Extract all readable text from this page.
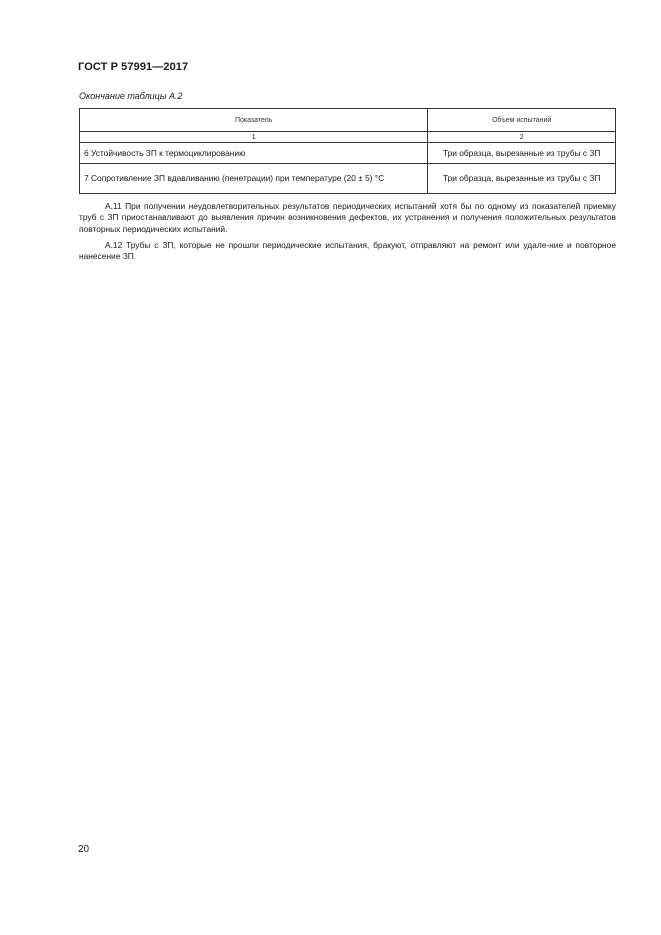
ГОСТ Р 57991—2017
Окончание таблицы А.2
Показатель	Объем испытаний
1	2
6 Устойчивость ЗП к термоциклированию	Три образца, вырезанные из трубы с ЗП
7 Сопротивление ЗП вдавливанию (пенетрации) при температуре (20 ± 5) °С	Три образца, вырезанные из трубы с ЗП

А.11 При получении неудовлетворительных результатов периодических испытаний хотя бы по одному из показателей приемку труб с ЗП приостанавливают до выявления причин возникновения дефектов, их устранения и получения положительных результатов повторных периодических испытаний.

А.12 Трубы с ЗП, которые не прошли периодические испытания, бракуют, отправляют на ремонт или удале-ние и повторное нанесение ЗП.

20
